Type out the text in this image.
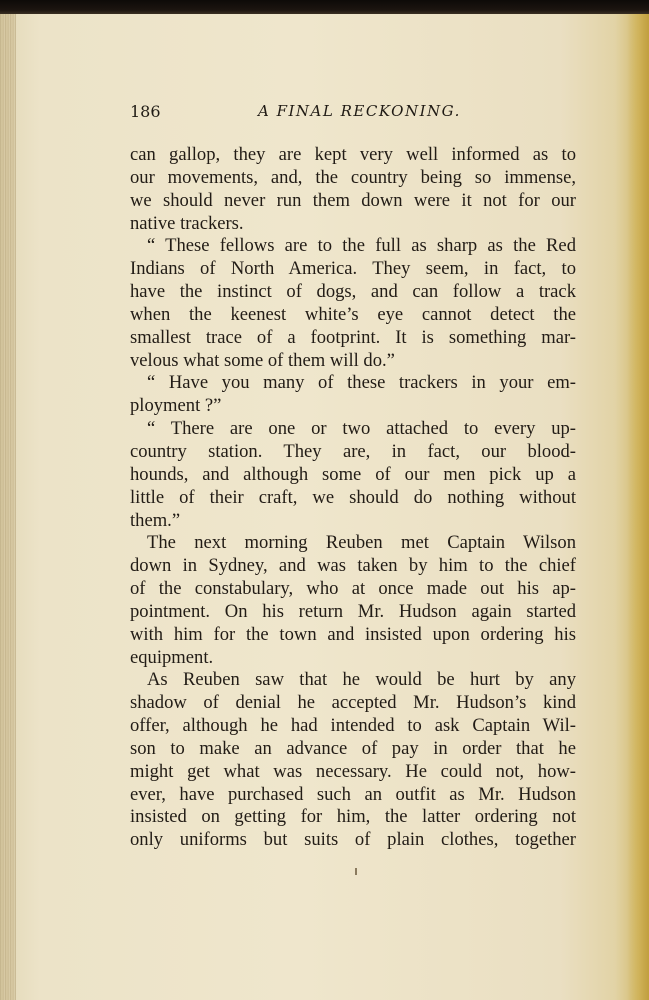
186	A FINAL RECKONING.
can gallop, they are kept very well informed as to
our movements, and, the country being so immense,
we should never run them down were it not for our
native trackers.
“ These fellows are to the full as sharp as the Red
Indians of North America. They seem, in fact, to
have the instinct of dogs, and can follow a track
when the keenest white’s eye cannot detect the
smallest trace of a footprint. It is something mar-
velous what some of them will do.”
“ Have you many of these trackers in your em-
ployment ?”
“ There are one or two attached to every up-
country station. They are, in fact, our blood-
hounds, and although some of our men pick up a
little of their craft, we should do nothing without
them.”
The next morning Reuben met Captain Wilson
down in Sydney, and was taken by him to the chief
of the constabulary, who at once made out his ap-
pointment. On his return Mr. Hudson again started
with him for the town and insisted upon ordering his
equipment.
As Reuben saw that he would be hurt by any
shadow of denial he accepted Mr. Hudson’s kind
offer, although he had intended to ask Captain Wil-
son to make an advance of pay in order that he
might get what was necessary. He could not, how-
ever, have purchased such an outfit as Mr. Hudson
insisted on getting for him, the latter ordering not
only uniforms but suits of plain clothes, together
